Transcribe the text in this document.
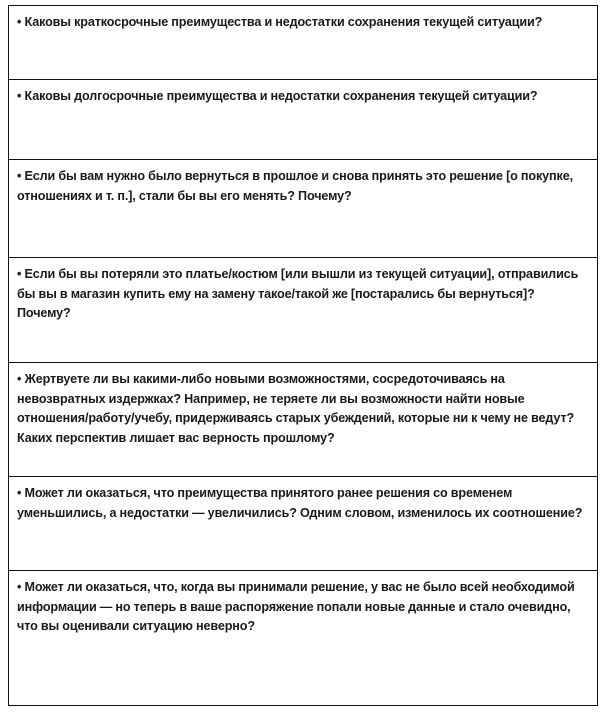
• Каковы краткосрочные преимущества и недостатки сохранения текущей ситуации?

• Каковы долгосрочные преимущества и недостатки сохранения текущей ситуации?

• Если бы вам нужно было вернуться в прошлое и снова принять это решение [о покупке, отношениях и т. п.], стали бы вы его менять? Почему?

• Если бы вы потеряли это платье/костюм [или вышли из текущей ситуации], отправились бы вы в магазин купить ему на замену такое/такой же [постарались бы вернуться]? Почему?

• Жертвуете ли вы какими-либо новыми возможностями, сосредоточиваясь на невозвратных издержках? Например, не теряете ли вы возможности найти новые отношения/работу/учебу, придерживаясь старых убеждений, которые ни к чему не ведут? Каких перспектив лишает вас верность прошлому?

• Может ли оказаться, что преимущества принятого ранее решения со временем уменьшились, а недостатки — увеличились? Одним словом, изменилось их соотношение?

• Может ли оказаться, что, когда вы принимали решение, у вас не было всей необходимой информации — но теперь в ваше распоряжение попали новые данные и стало очевидно, что вы оценивали ситуацию неверно?
